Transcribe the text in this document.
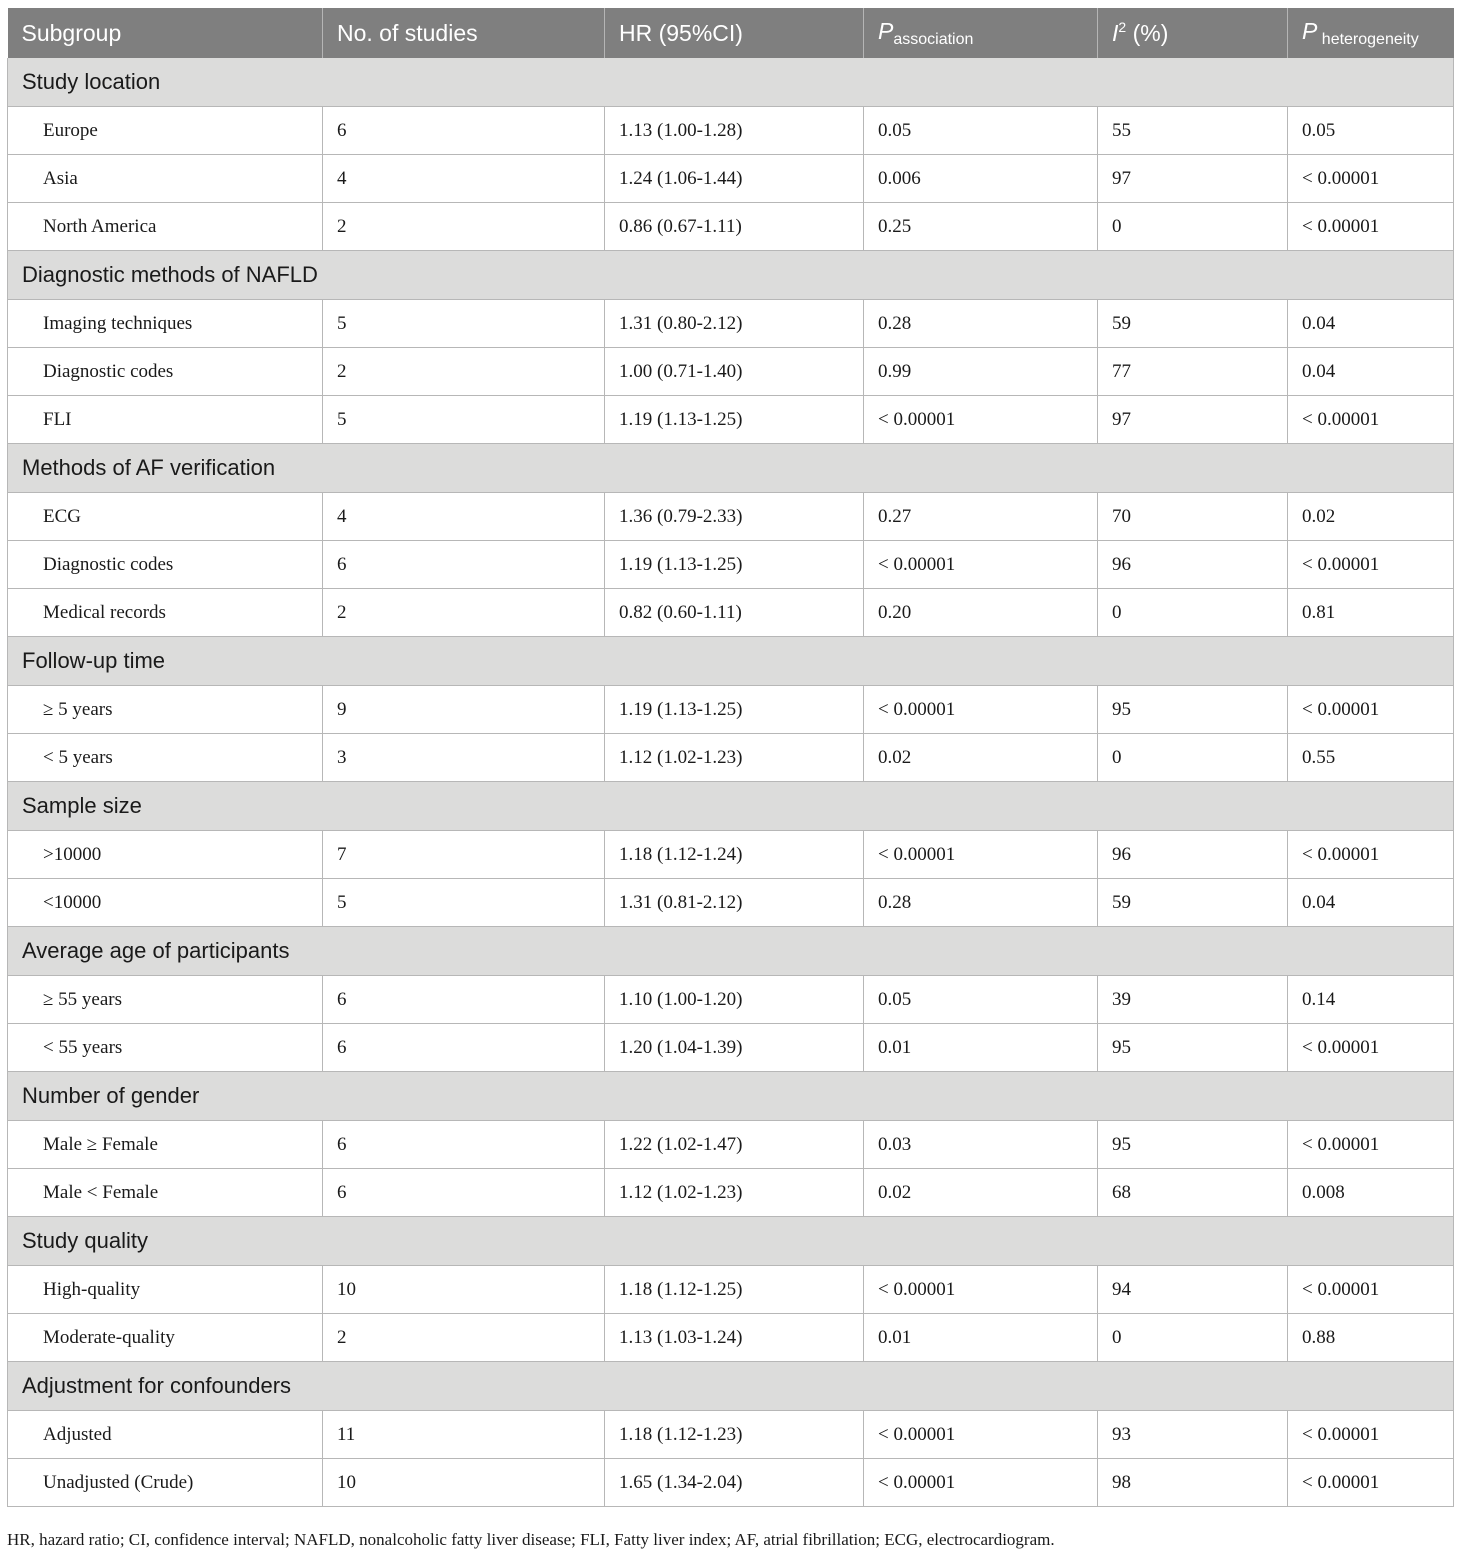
Subgroup	No. of studies	HR (95%CI)	$P_{association}$	$I^2$ (%)	P $_{heterogeneity}$
Study location					
Europe	6	1.13 (1.00-1.28)	0.05	55	0.05
Asia	4	1.24 (1.06-1.44)	0.006	97	< 0.00001
North America	2	0.86 (0.67-1.11)	0.25	0	< 0.00001
Diagnostic methods of NAFLD					
Imaging techniques	5	1.31 (0.80-2.12)	0.28	59	0.04
Diagnostic codes	2	1.00 (0.71-1.40)	0.99	77	0.04
FLI	5	1.19 (1.13-1.25)	< 0.00001	97	< 0.00001
Methods of AF verification					
ECG	4	1.36 (0.79-2.33)	0.27	70	0.02
Diagnostic codes	6	1.19 (1.13-1.25)	< 0.00001	96	< 0.00001
Medical records	2	0.82 (0.60-1.11)	0.20	0	0.81
Follow-up time					
≥ 5 years	9	1.19 (1.13-1.25)	< 0.00001	95	< 0.00001
< 5 years	3	1.12 (1.02-1.23)	0.02	0	0.55
Sample size					
>10000	7	1.18 (1.12-1.24)	< 0.00001	96	< 0.00001
<10000	5	1.31 (0.81-2.12)	0.28	59	0.04
Average age of participants					
≥ 55 years	6	1.10 (1.00-1.20)	0.05	39	0.14
< 55 years	6	1.20 (1.04-1.39)	0.01	95	< 0.00001
Number of gender					
Male ≥ Female	6	1.22 (1.02-1.47)	0.03	95	< 0.00001
Male < Female	6	1.12 (1.02-1.23)	0.02	68	0.008
Study quality					
High-quality	10	1.18 (1.12-1.25)	< 0.00001	94	< 0.00001
Moderate-quality	2	1.13 (1.03-1.24)	0.01	0	0.88
Adjustment for confounders					
Adjusted	11	1.18 (1.12-1.23)	< 0.00001	93	< 0.00001
Unadjusted (Crude)	10	1.65 (1.34-2.04)	< 0.00001	98	< 0.00001
HR, hazard ratio; CI, confidence interval; NAFLD, nonalcoholic fatty liver disease; FLI, Fatty liver index; AF, atrial fibrillation; ECG, electrocardiogram.
